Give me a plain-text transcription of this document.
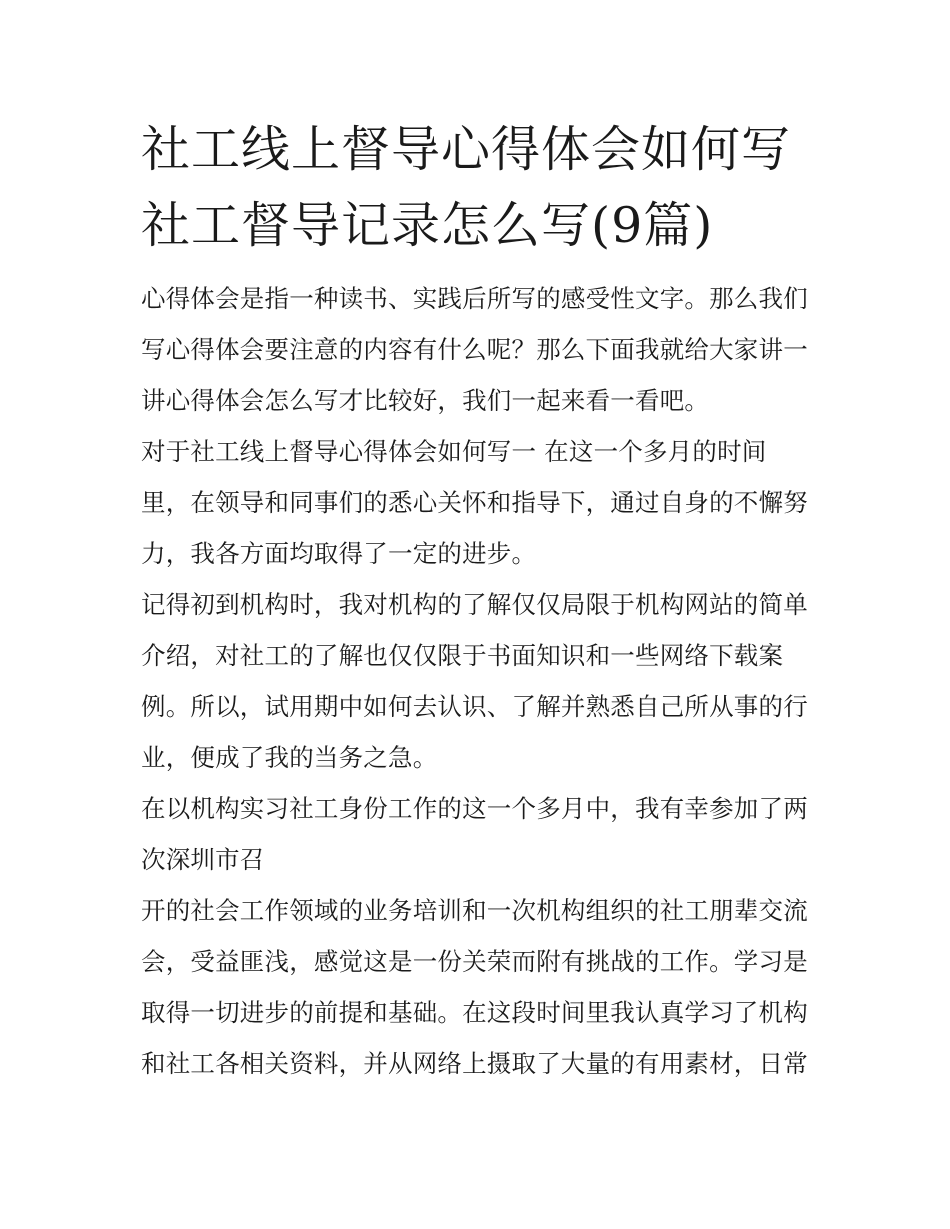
社工线上督导心得体会如何写
社工督导记录怎么写(9篇)

心得体会是指一种读书、实践后所写的感受性文字。那么我们
写心得体会要注意的内容有什么呢？那么下面我就给大家讲一
讲心得体会怎么写才比较好，我们一起来看一看吧。

对于社工线上督导心得体会如何写一 在这一个多月的时间
里，在领导和同事们的悉心关怀和指导下，通过自身的不懈努
力，我各方面均取得了一定的进步。

记得初到机构时，我对机构的了解仅仅局限于机构网站的简单
介绍，对社工的了解也仅仅限于书面知识和一些网络下载案
例。所以，试用期中如何去认识、了解并熟悉自己所从事的行
业，便成了我的当务之急。

在以机构实习社工身份工作的这一个多月中，我有幸参加了两
次深圳市召

开的社会工作领域的业务培训和一次机构组织的社工朋辈交流
会，受益匪浅，感觉这是一份关荣而附有挑战的工作。学习是
取得一切进步的前提和基础。在这段时间里我认真学习了机构
和社工各相关资料，并从网络上摄取了大量的有用素材，日常
